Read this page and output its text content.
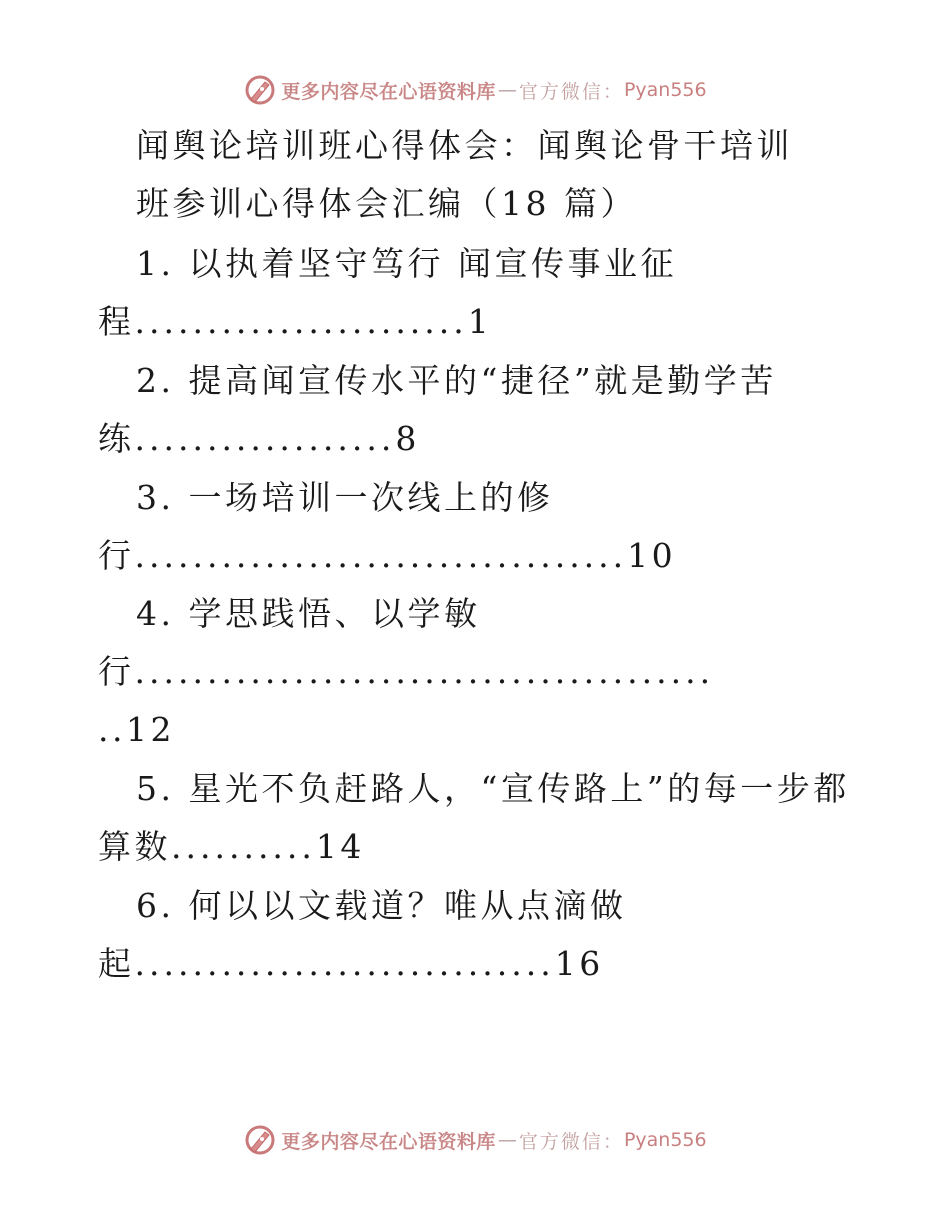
更多内容尽在心语资料库 — 官方微信： Pyan556
闻舆论培训班心得体会：闻舆论骨干培训
班参训心得体会汇编（18 篇）
1. 以执着坚守笃行 闻宣传事业征
程.......................1
2. 提高闻宣传水平的“捷径”就是勤学苦
练..................8
3. 一场培训一次线上的修
行..................................10
4. 学思践悟、以学敏
行........................................
..12
5. 星光不负赶路人，“宣传路上”的每一步都
算数..........14
6. 何以以文载道？唯从点滴做
起.............................16
更多内容尽在心语资料库 — 官方微信： Pyan556
